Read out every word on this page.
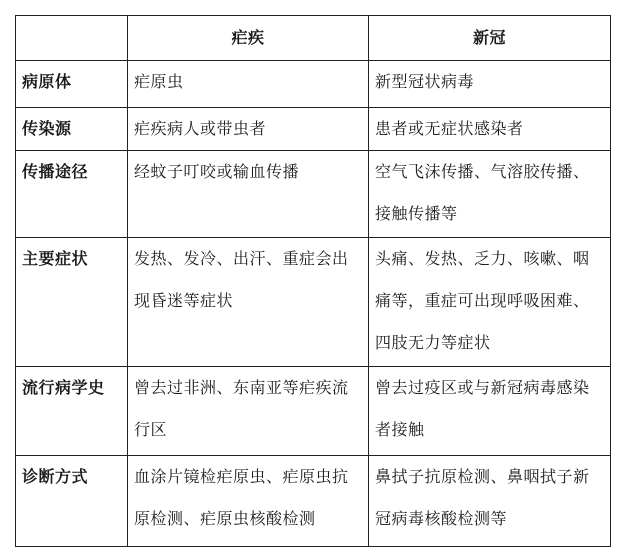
	疟疾	新冠
病原体	疟原虫	新型冠状病毒
传染源	疟疾病人或带虫者	患者或无症状感染者
传播途径	经蚊子叮咬或输血传播	空气飞沫传播、气溶胶传播、接触传播等
主要症状	发热、发冷、出汗、重症会出现昏迷等症状	头痛、发热、乏力、咳嗽、咽痛等，重症可出现呼吸困难、四肢无力等症状
流行病学史	曾去过非洲、东南亚等疟疾流行区	曾去过疫区或与新冠病毒感染者接触
诊断方式	血涂片镜检疟原虫、疟原虫抗原检测、疟原虫核酸检测	鼻拭子抗原检测、鼻咽拭子新冠病毒核酸检测等
